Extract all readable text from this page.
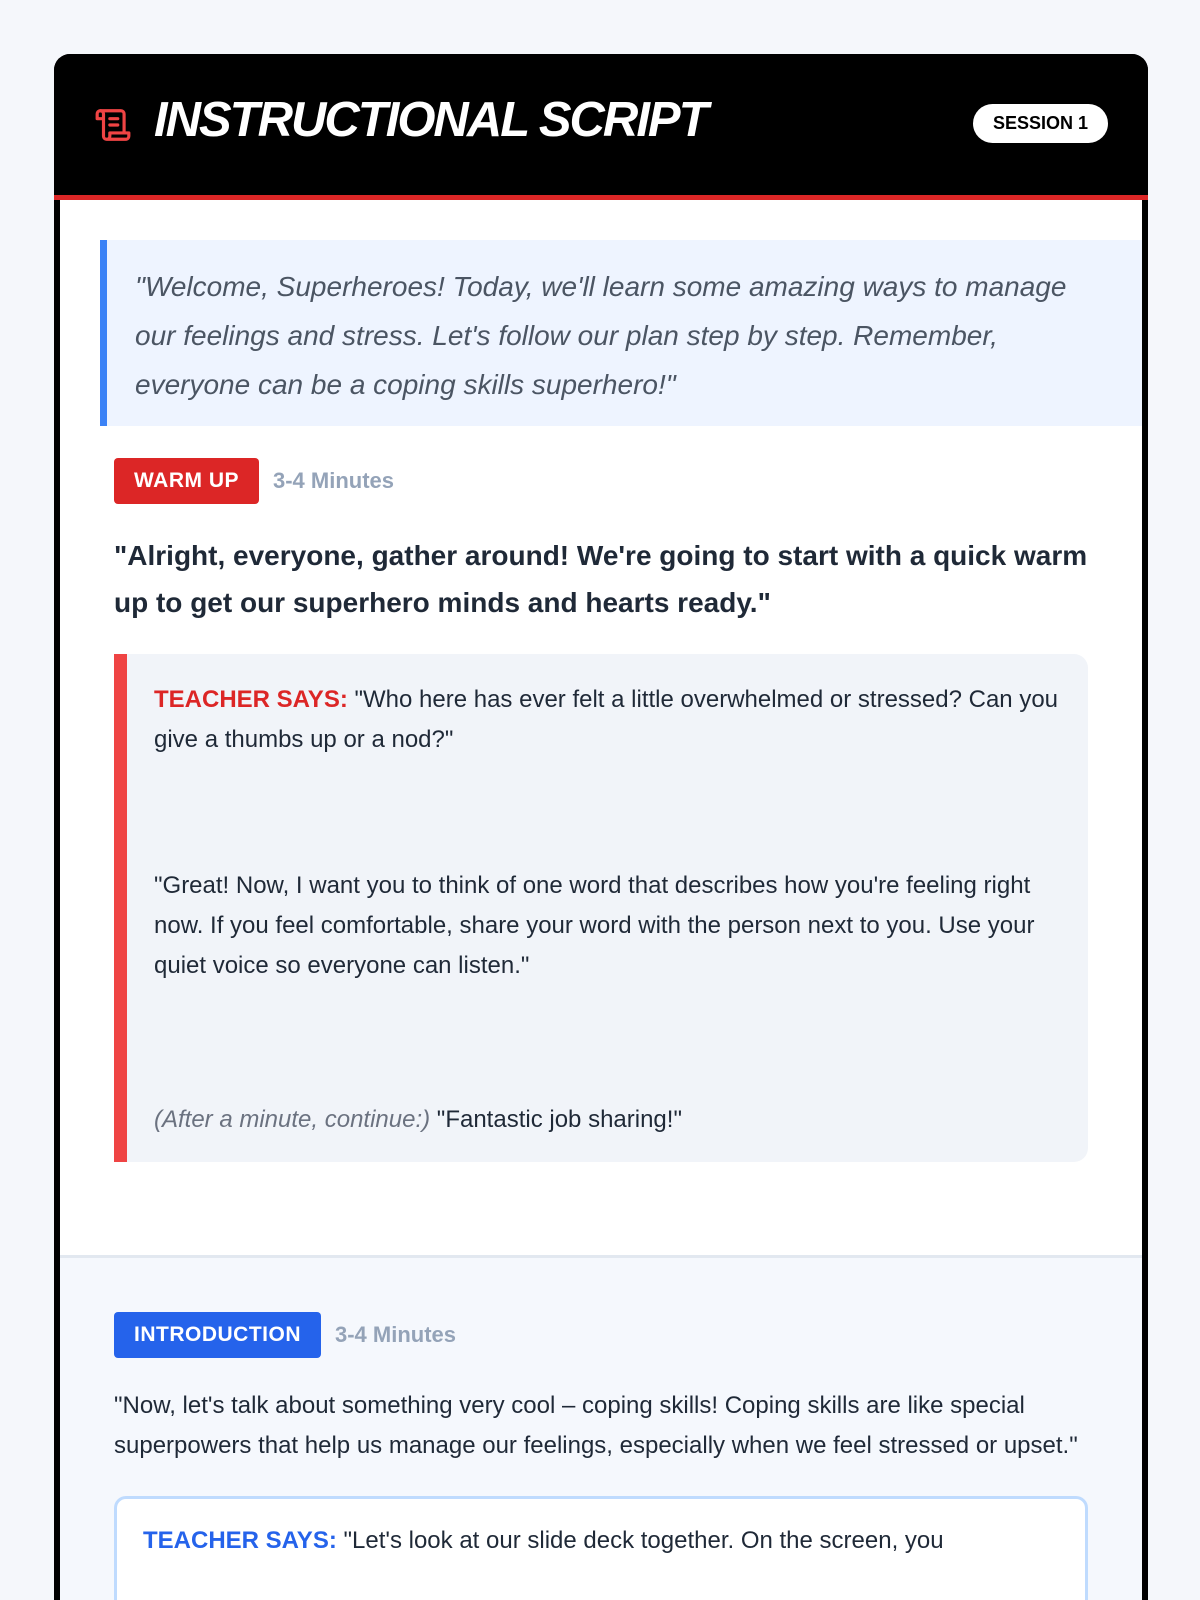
INSTRUCTIONAL SCRIPT	SESSION 1

"Welcome, Superheroes! Today, we'll learn some amazing ways to manage our feelings and stress. Let's follow our plan step by step. Remember, everyone can be a coping skills superhero!"

WARM UP	3-4 Minutes

"Alright, everyone, gather around! We're going to start with a quick warm up to get our superhero minds and hearts ready."

TEACHER SAYS: "Who here has ever felt a little overwhelmed or stressed? Can you give a thumbs up or a nod?"

"Great! Now, I want you to think of one word that describes how you're feeling right now. If you feel comfortable, share your word with the person next to you. Use your quiet voice so everyone can listen."

(After a minute, continue:) "Fantastic job sharing!"

INTRODUCTION	3-4 Minutes

"Now, let's talk about something very cool – coping skills! Coping skills are like special superpowers that help us manage our feelings, especially when we feel stressed or upset."

TEACHER SAYS: "Let's look at our slide deck together. On the screen, you
